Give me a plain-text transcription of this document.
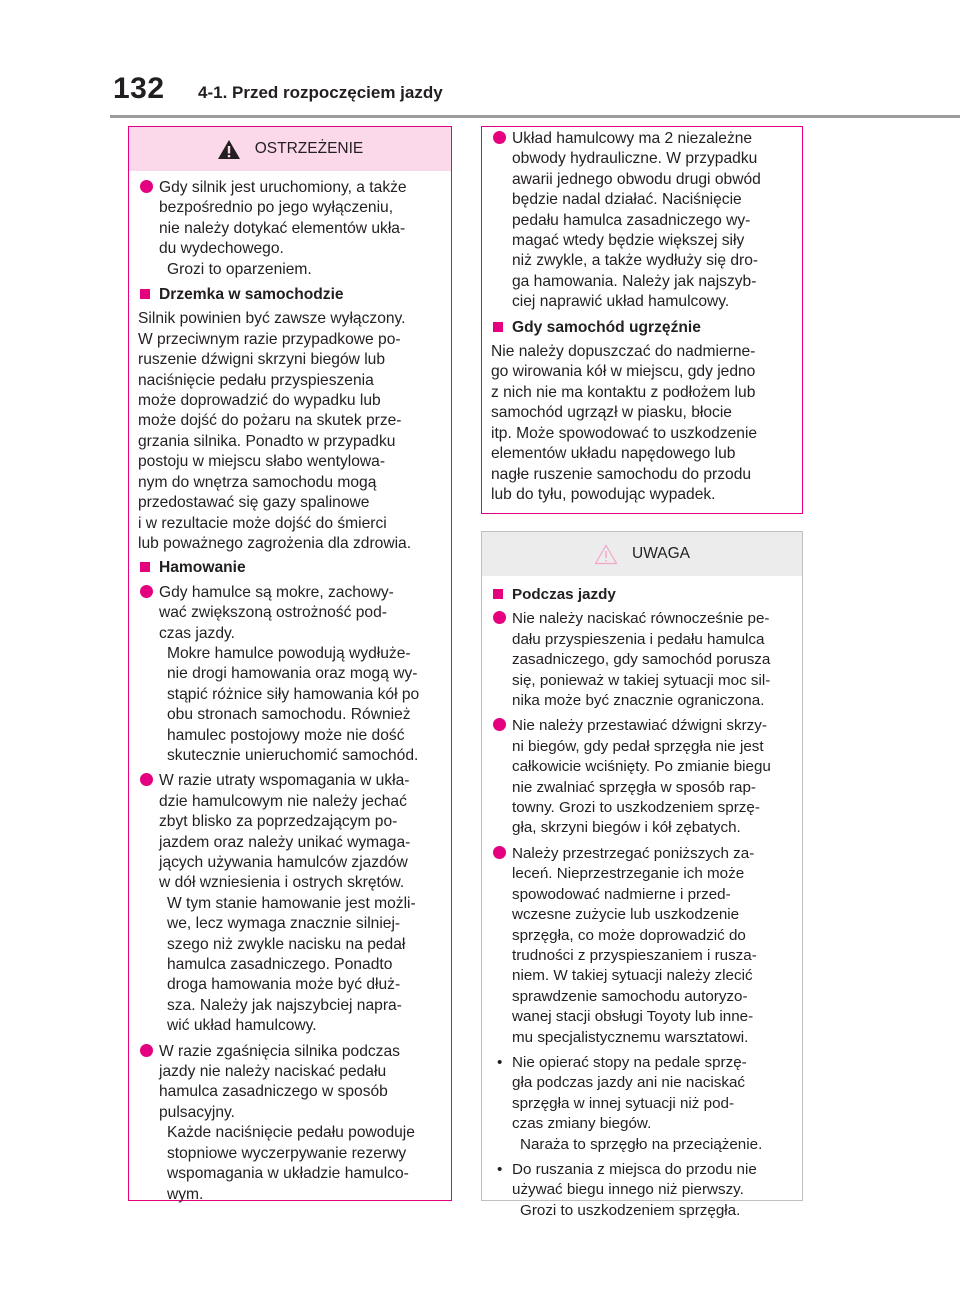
132 4-1. Przed rozpoczęciem jazdy
OSTRZEŻENIE
Gdy silnik jest uruchomiony, a także
bezpośrednio po jego wyłączeniu,
nie należy dotykać elementów ukła-
du wydechowego.
Grozi to oparzeniem.
Drzemka w samochodzie
Silnik powinien być zawsze wyłączony.
W przeciwnym razie przypadkowe po-
ruszenie dźwigni skrzyni biegów lub
naciśnięcie pedału przyspieszenia
może doprowadzić do wypadku lub
może dojść do pożaru na skutek prze-
grzania silnika. Ponadto w przypadku
postoju w miejscu słabo wentylowa-
nym do wnętrza samochodu mogą
przedostawać się gazy spalinowe
i w rezultacie może dojść do śmierci
lub poważnego zagrożenia dla zdrowia.
Hamowanie
Gdy hamulce są mokre, zachowy-
wać zwiększoną ostrożność pod-
czas jazdy.
Mokre hamulce powodują wydłuże-
nie drogi hamowania oraz mogą wy-
stąpić różnice siły hamowania kół po
obu stronach samochodu. Również
hamulec postojowy może nie dość
skutecznie unieruchomić samochód.
W razie utraty wspomagania w ukła-
dzie hamulcowym nie należy jechać
zbyt blisko za poprzedzającym po-
jazdem oraz należy unikać wymaga-
jących używania hamulców zjazdów
w dół wzniesienia i ostrych skrętów.
W tym stanie hamowanie jest możli-
we, lecz wymaga znacznie silniej-
szego niż zwykle nacisku na pedał
hamulca zasadniczego. Ponadto
droga hamowania może być dłuż-
sza. Należy jak najszybciej napra-
wić układ hamulcowy.
W razie zgaśnięcia silnika podczas
jazdy nie należy naciskać pedału
hamulca zasadniczego w sposób
pulsacyjny.
Każde naciśnięcie pedału powoduje
stopniowe wyczerpywanie rezerwy
wspomagania w układzie hamulco-
wym.
Układ hamulcowy ma 2 niezależne
obwody hydrauliczne. W przypadku
awarii jednego obwodu drugi obwód
będzie nadal działać. Naciśnięcie
pedału hamulca zasadniczego wy-
magać wtedy będzie większej siły
niż zwykle, a także wydłuży się dro-
ga hamowania. Należy jak najszyb-
ciej naprawić układ hamulcowy.
Gdy samochód ugrzęźnie
Nie należy dopuszczać do nadmierne-
go wirowania kół w miejscu, gdy jedno
z nich nie ma kontaktu z podłożem lub
samochód ugrzązł w piasku, błocie
itp. Może spowodować to uszkodzenie
elementów układu napędowego lub
nagłe ruszenie samochodu do przodu
lub do tyłu, powodując wypadek.
UWAGA
Podczas jazdy
Nie należy naciskać równocześnie pe-
dału przyspieszenia i pedału hamulca
zasadniczego, gdy samochód porusza
się, ponieważ w takiej sytuacji moc sil-
nika może być znacznie ograniczona.
Nie należy przestawiać dźwigni skrzy-
ni biegów, gdy pedał sprzęgła nie jest
całkowicie wciśnięty. Po zmianie biegu
nie zwalniać sprzęgła w sposób rap-
towny. Grozi to uszkodzeniem sprzę-
gła, skrzyni biegów i kół zębatych.
Należy przestrzegać poniższych za-
leceń. Nieprzestrzeganie ich może
spowodować nadmierne i przed-
wczesne zużycie lub uszkodzenie
sprzęgła, co może doprowadzić do
trudności z przyspieszaniem i rusza-
niem. W takiej sytuacji należy zlecić
sprawdzenie samochodu autoryzo-
wanej stacji obsługi Toyoty lub inne-
mu specjalistycznemu warsztatowi.
• Nie opierać stopy na pedale sprzę-
gła podczas jazdy ani nie naciskać
sprzęgła w innej sytuacji niż pod-
czas zmiany biegów.
Naraża to sprzęgło na przeciążenie.
• Do ruszania z miejsca do przodu nie
używać biegu innego niż pierwszy.
Grozi to uszkodzeniem sprzęgła.
